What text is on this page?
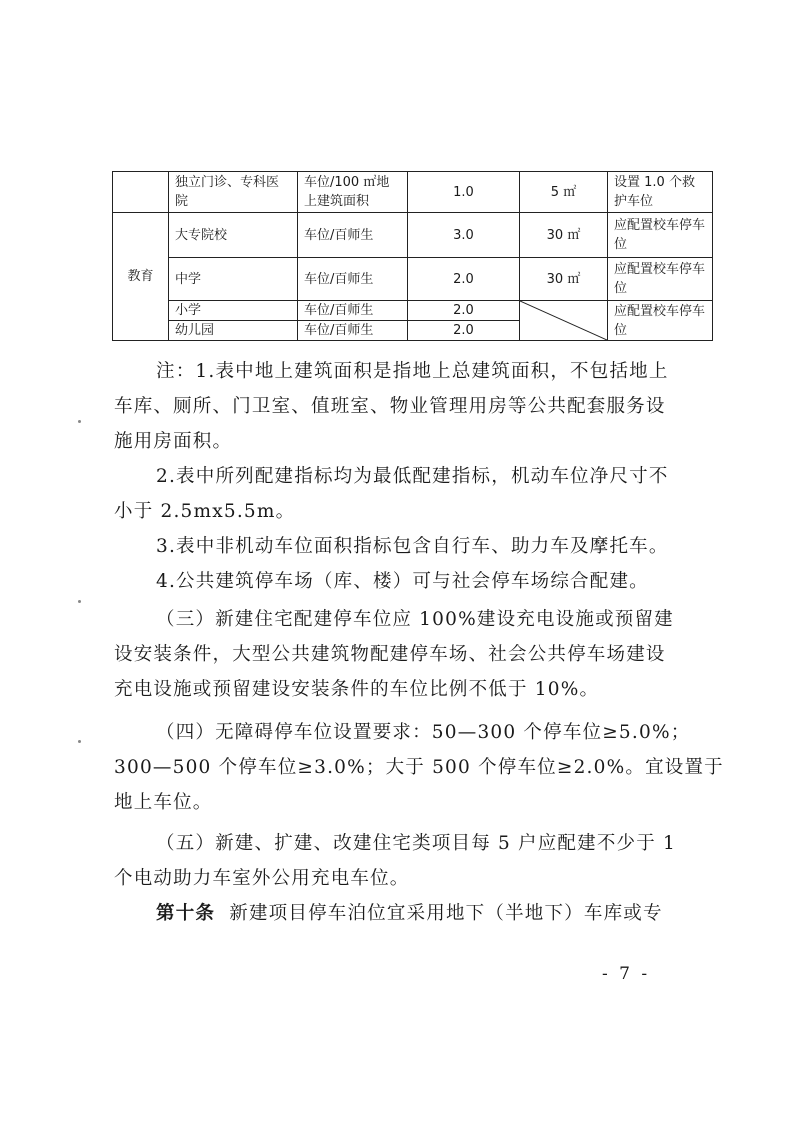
	独立门诊、专科医院	车位/100 ㎡地上建筑面积	1.0	5 ㎡	设置 1.0 个救护车位
教育	大专院校	车位/百师生	3.0	30 ㎡	应配置校车停车位
	中学	车位/百师生	2.0	30 ㎡	应配置校车停车位
	小学	车位/百师生	2.0		应配置校车停车位
	幼儿园	车位/百师生	2.0		
注：1.表中地上建筑面积是指地上总建筑面积，不包括地上
车库、厕所、门卫室、值班室、物业管理用房等公共配套服务设
施用房面积。
2.表中所列配建指标均为最低配建指标，机动车位净尺寸不
小于 2.5mx5.5m。
3.表中非机动车位面积指标包含自行车、助力车及摩托车。
4.公共建筑停车场（库、楼）可与社会停车场综合配建。
（三）新建住宅配建停车位应 100%建设充电设施或预留建
设安装条件，大型公共建筑物配建停车场、社会公共停车场建设
充电设施或预留建设安装条件的车位比例不低于 10%。
（四）无障碍停车位设置要求：50—300 个停车位≥5.0%；
300—500 个停车位≥3.0%；大于 500 个停车位≥2.0%。宜设置于
地上车位。
（五）新建、扩建、改建住宅类项目每 5 户应配建不少于 1
个电动助力车室外公用充电车位。
第十条 新建项目停车泊位宜采用地下（半地下）车库或专
- 7 -
